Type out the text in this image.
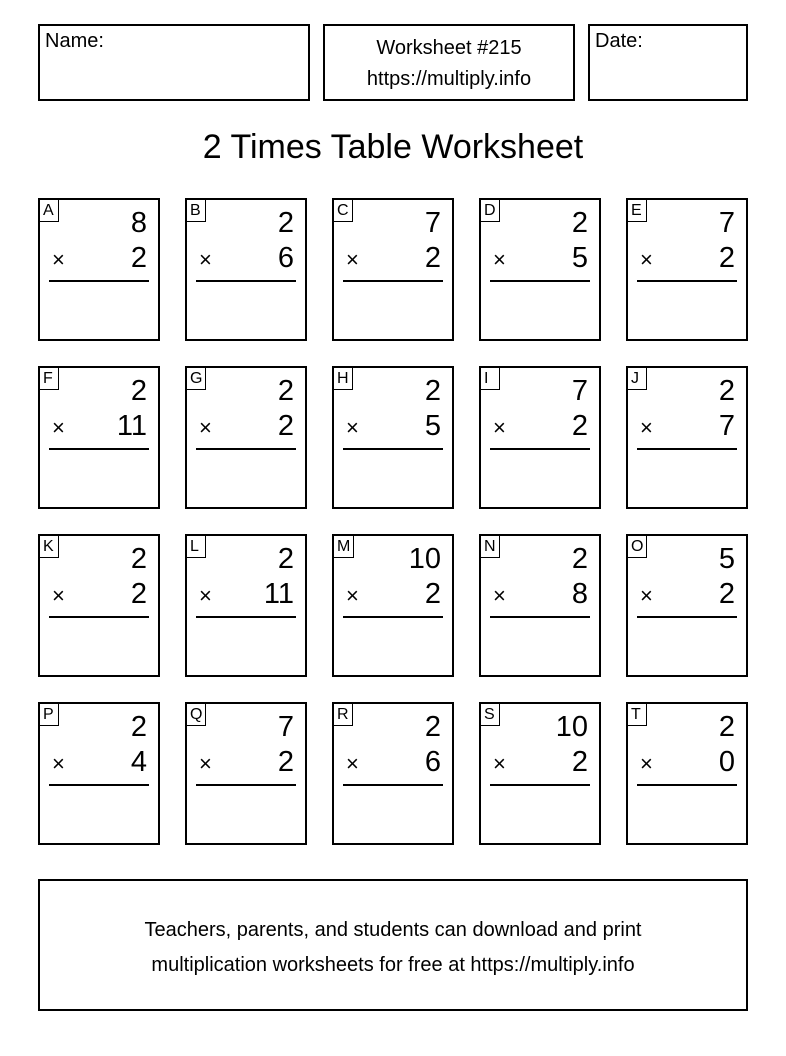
Name:	Worksheet #215
https://multiply.info
Date:
2 Times Table Worksheet
A	8
× 2
B	2
× 6
C	7
× 2
D	2
× 5
E	7
× 2
F	2
× 11
G	2
× 2
H	2
× 5
I	7
× 2
J	2
× 7
K	2
× 2
L	2
× 11
M 10
× 2
N	2
× 8
O	5
× 2
P	2
× 4
Q	7
× 2
R	2
× 6
S 10
× 2
T	2
× 0
Teachers, parents, and students can download and print
multiplication worksheets for free at https://multiply.info
